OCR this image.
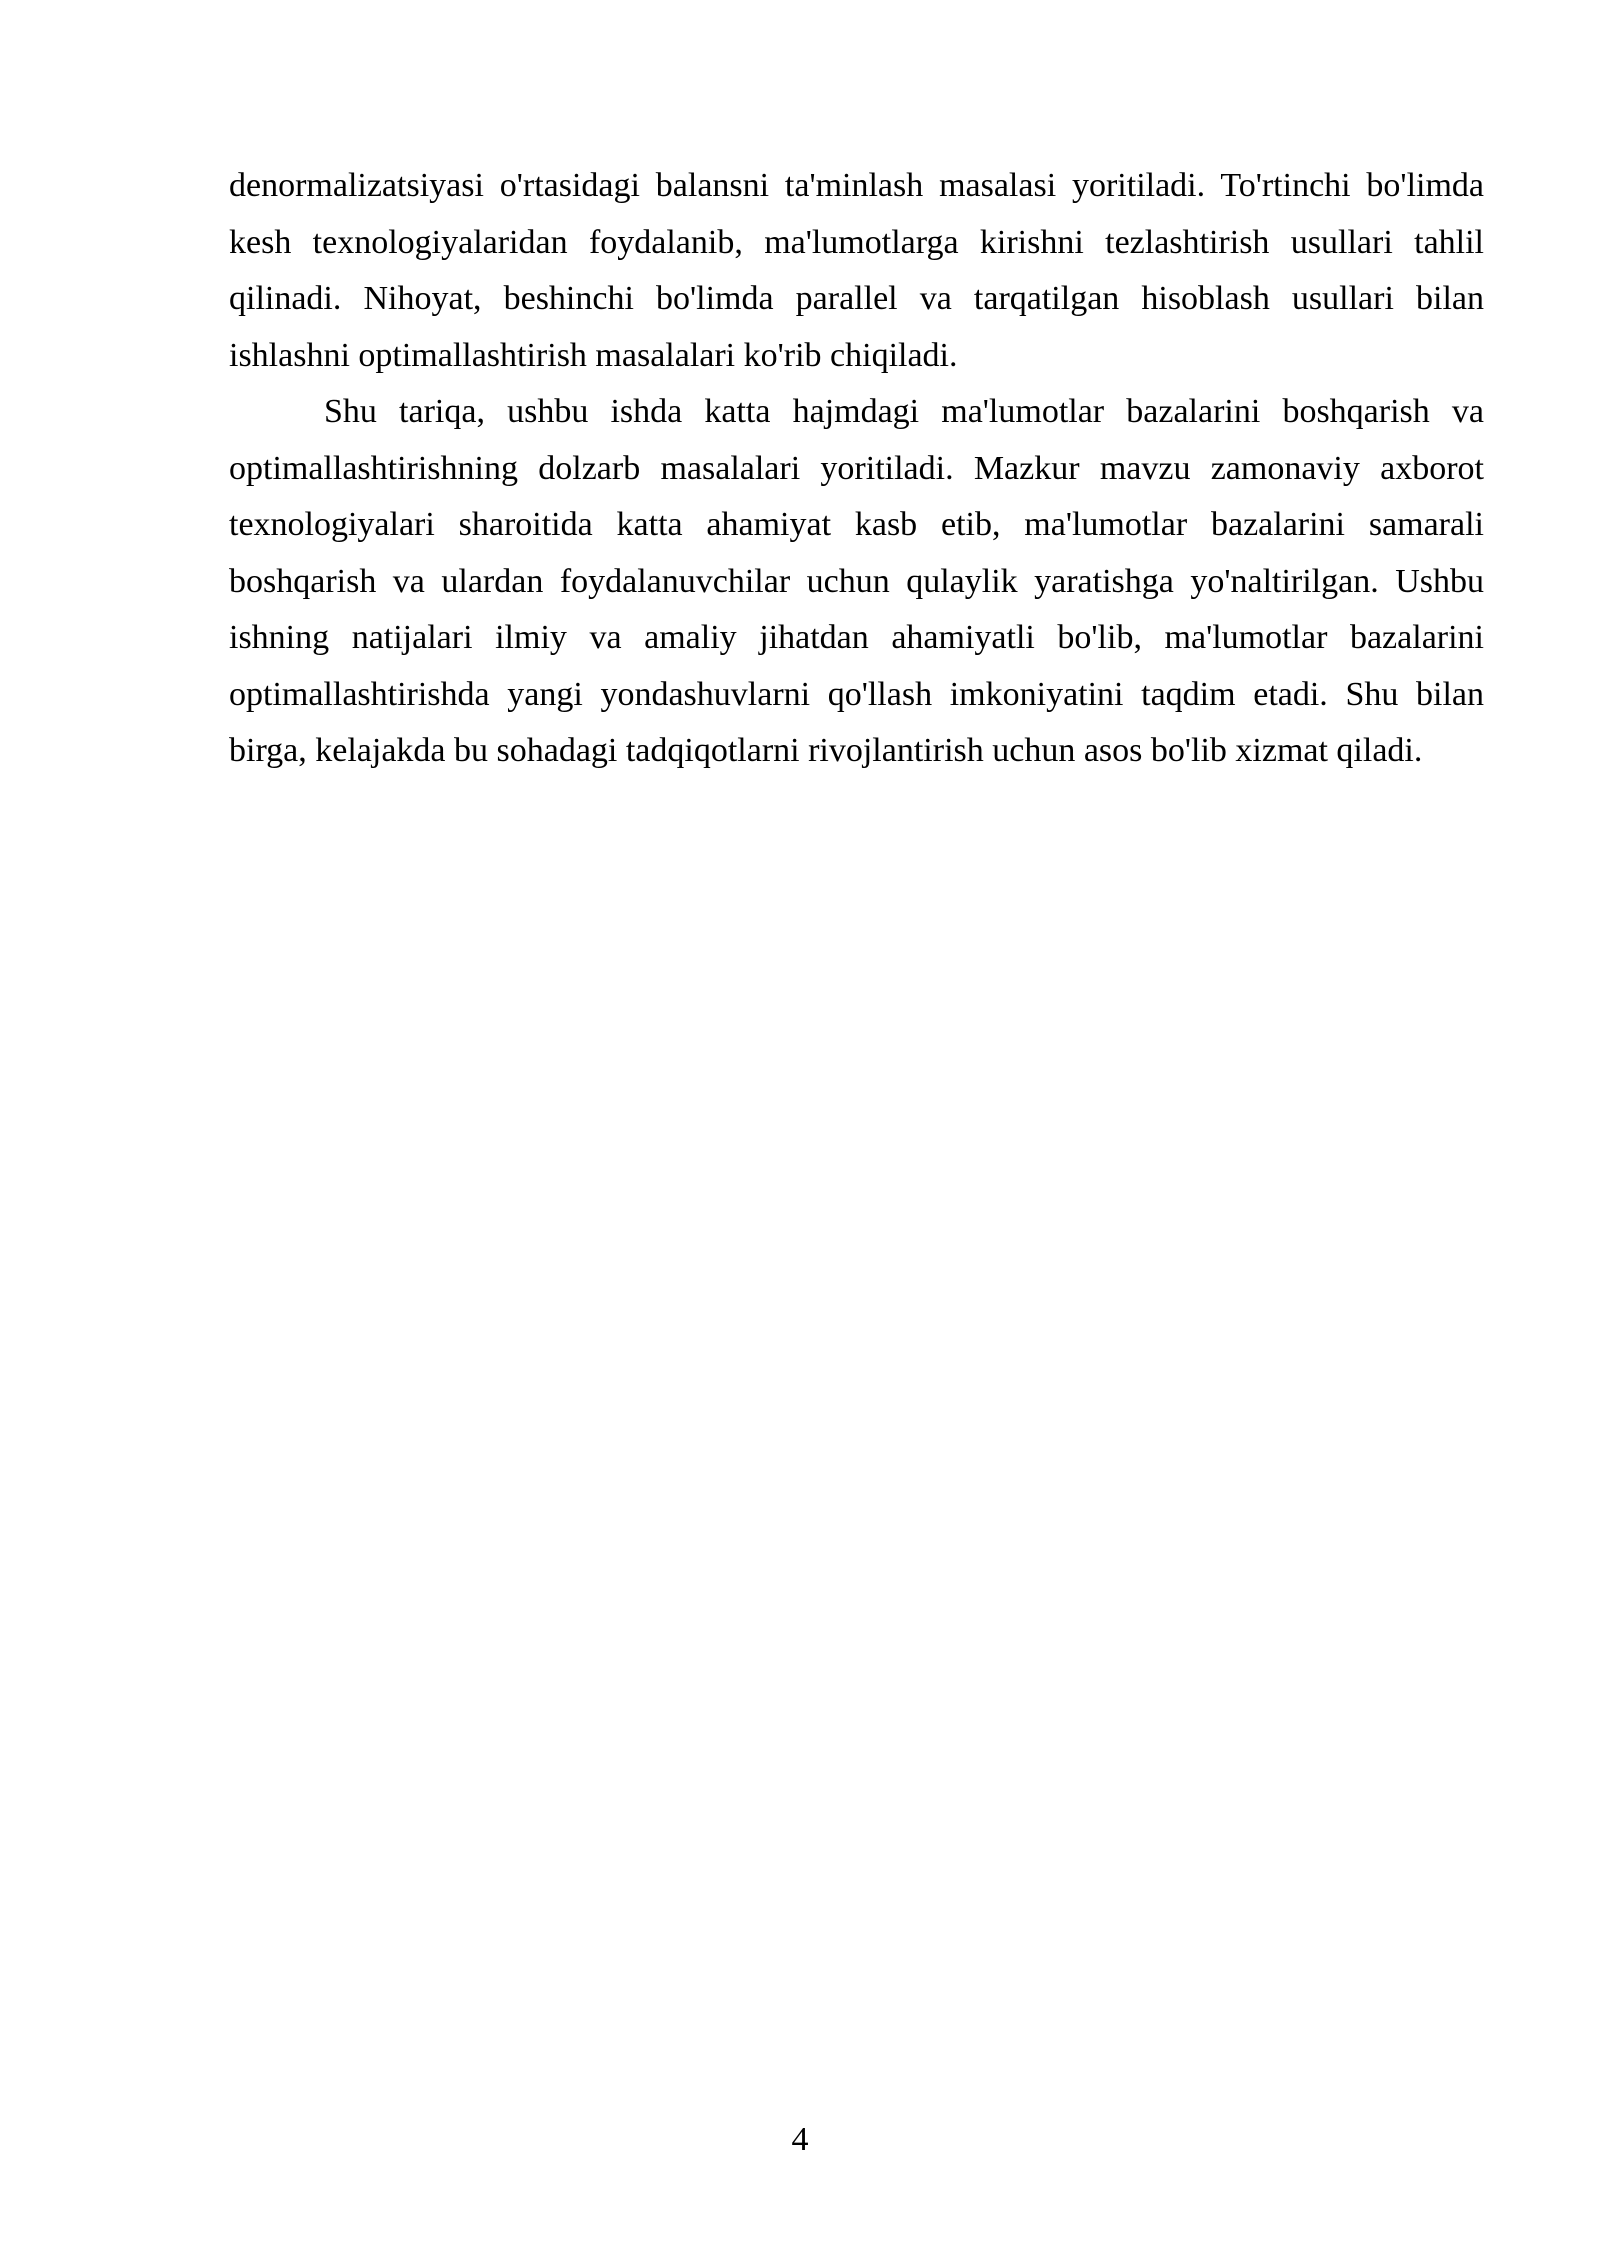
denormalizatsiyasi o'rtasidagi balansni ta'minlash masalasi yoritiladi. To'rtinchi bo'limda kesh texnologiyalaridan foydalanib, ma'lumotlarga kirishni tezlashtirish usullari tahlil qilinadi. Nihoyat, beshinchi bo'limda parallel va tarqatilgan hisoblash usullari bilan ishlashni optimallashtirish masalalari ko'rib chiqiladi.

Shu tariqa, ushbu ishda katta hajmdagi ma'lumotlar bazalarini boshqarish va optimallashtirishning dolzarb masalalari yoritiladi. Mazkur mavzu zamonaviy axborot texnologiyalari sharoitida katta ahamiyat kasb etib, ma'lumotlar bazalarini samarali boshqarish va ulardan foydalanuvchilar uchun qulaylik yaratishga yo'naltirilgan. Ushbu ishning natijalari ilmiy va amaliy jihatdan ahamiyatli bo'lib, ma'lumotlar bazalarini optimallashtirishda yangi yondashuvlarni qo'llash imkoniyatini taqdim etadi. Shu bilan birga, kelajakda bu sohadagi tadqiqotlarni rivojlantirish uchun asos bo'lib xizmat qiladi.

4
